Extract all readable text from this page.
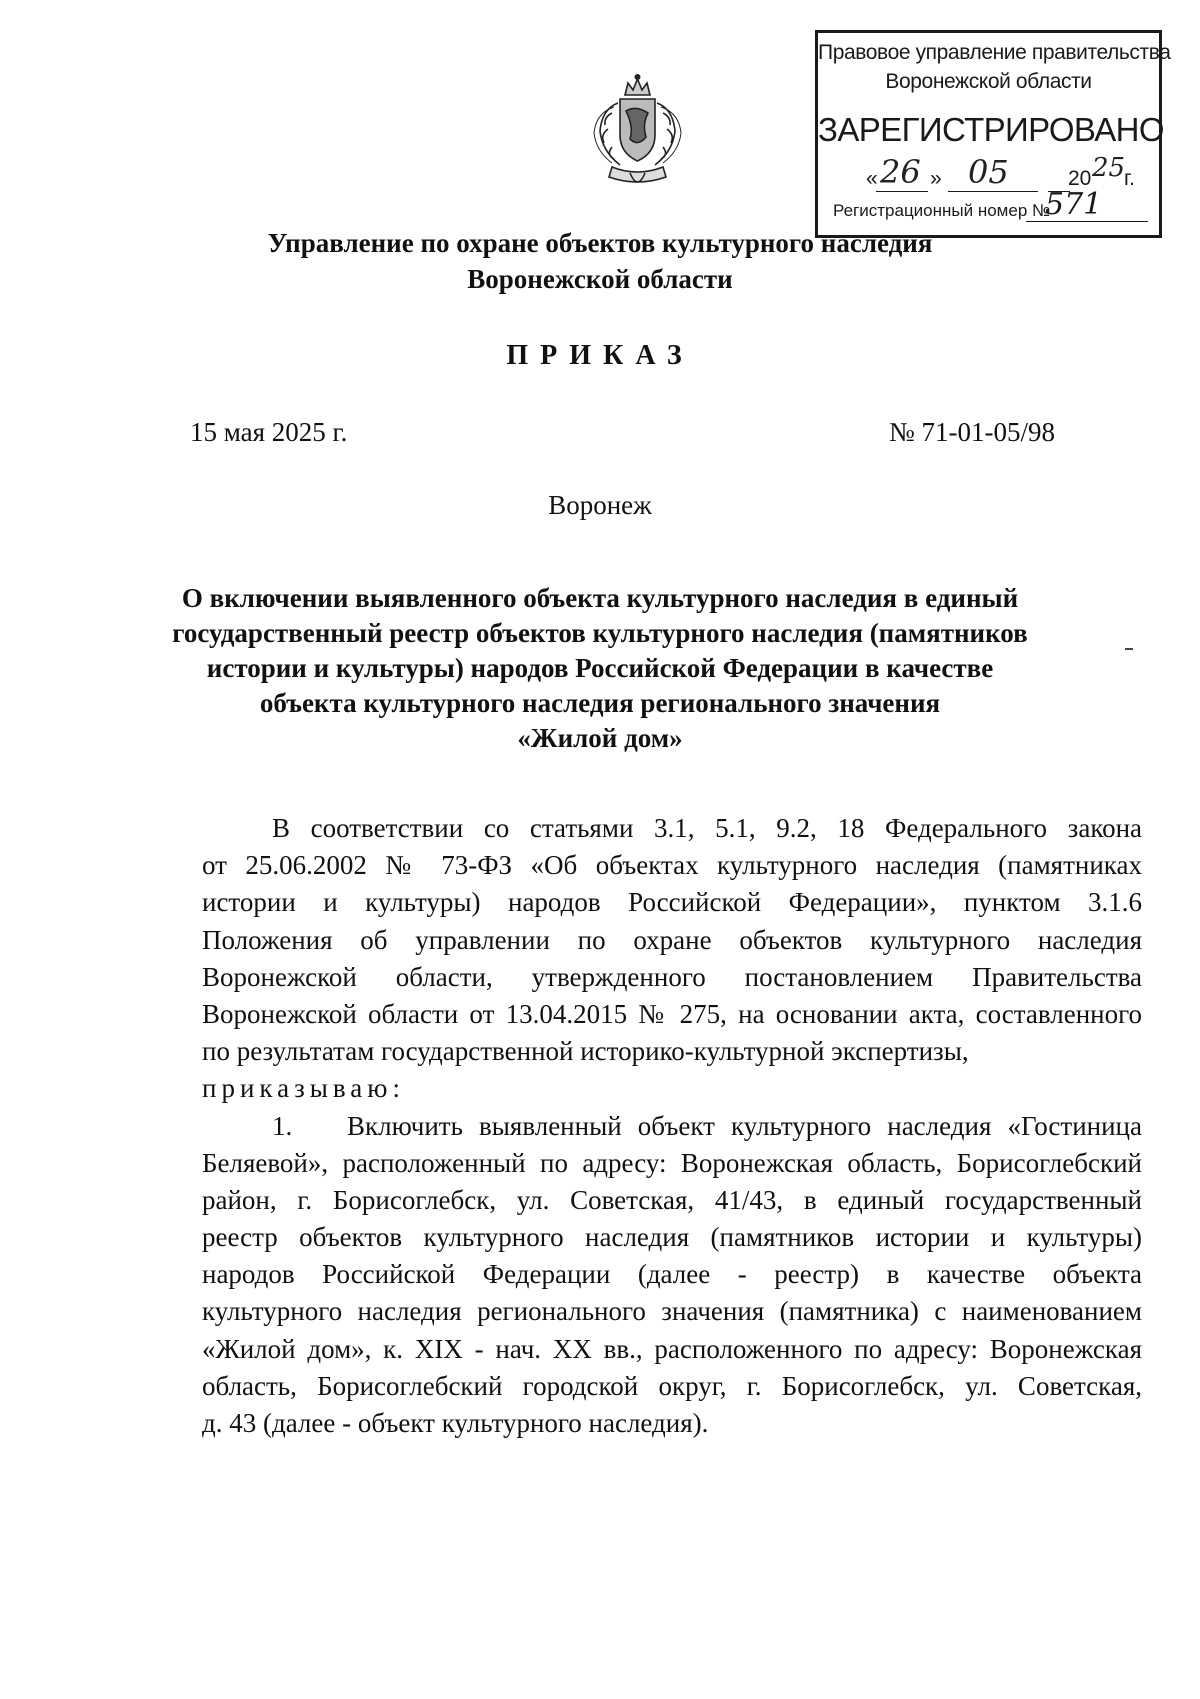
Правовое управление правительства
Воронежской области
ЗАРЕГИСТРИРОВАНО
« 26 » 05	20 25
г.
Регистрационный номер №
571
Управление по охране объектов культурного наследия
Воронежской области
ПРИКАЗ
15 мая 2025 г.	№ 71-01-05/98
Воронеж
О включении выявленного объекта культурного наследия в единый
государственный реестр объектов культурного наследия (памятников
истории и культуры) народов Российской Федерации в качестве
объекта культурного наследия регионального значения
«Жилой дом»
В соответствии со статьями 3.1, 5.1, 9.2, 18 Федерального закона
от 25.06.2002 № 73-ФЗ «Об объектах культурного наследия (памятниках
истории и культуры) народов Российской Федерации», пунктом 3.1.6
Положения об управлении по охране объектов культурного наследия
Воронежской области, утвержденного постановлением Правительства
Воронежской области от 13.04.2015 № 275, на основании акта, составленного
по результатам государственной историко-культурной экспертизы,
приказываю:
1. Включить выявленный объект культурного наследия «Гостиница
Беляевой», расположенный по адресу: Воронежская область, Борисоглебский
район, г. Борисоглебск, ул. Советская, 41/43, в единый государственный
реестр объектов культурного наследия (памятников истории и культуры)
народов Российской Федерации (далее - реестр) в качестве объекта
культурного наследия регионального значения (памятника) с наименованием
«Жилой дом», к. XIX - нач. XX вв., расположенного по адресу: Воронежская
область, Борисоглебский городской округ, г. Борисоглебск, ул. Советская,
д. 43 (далее - объект культурного наследия).
